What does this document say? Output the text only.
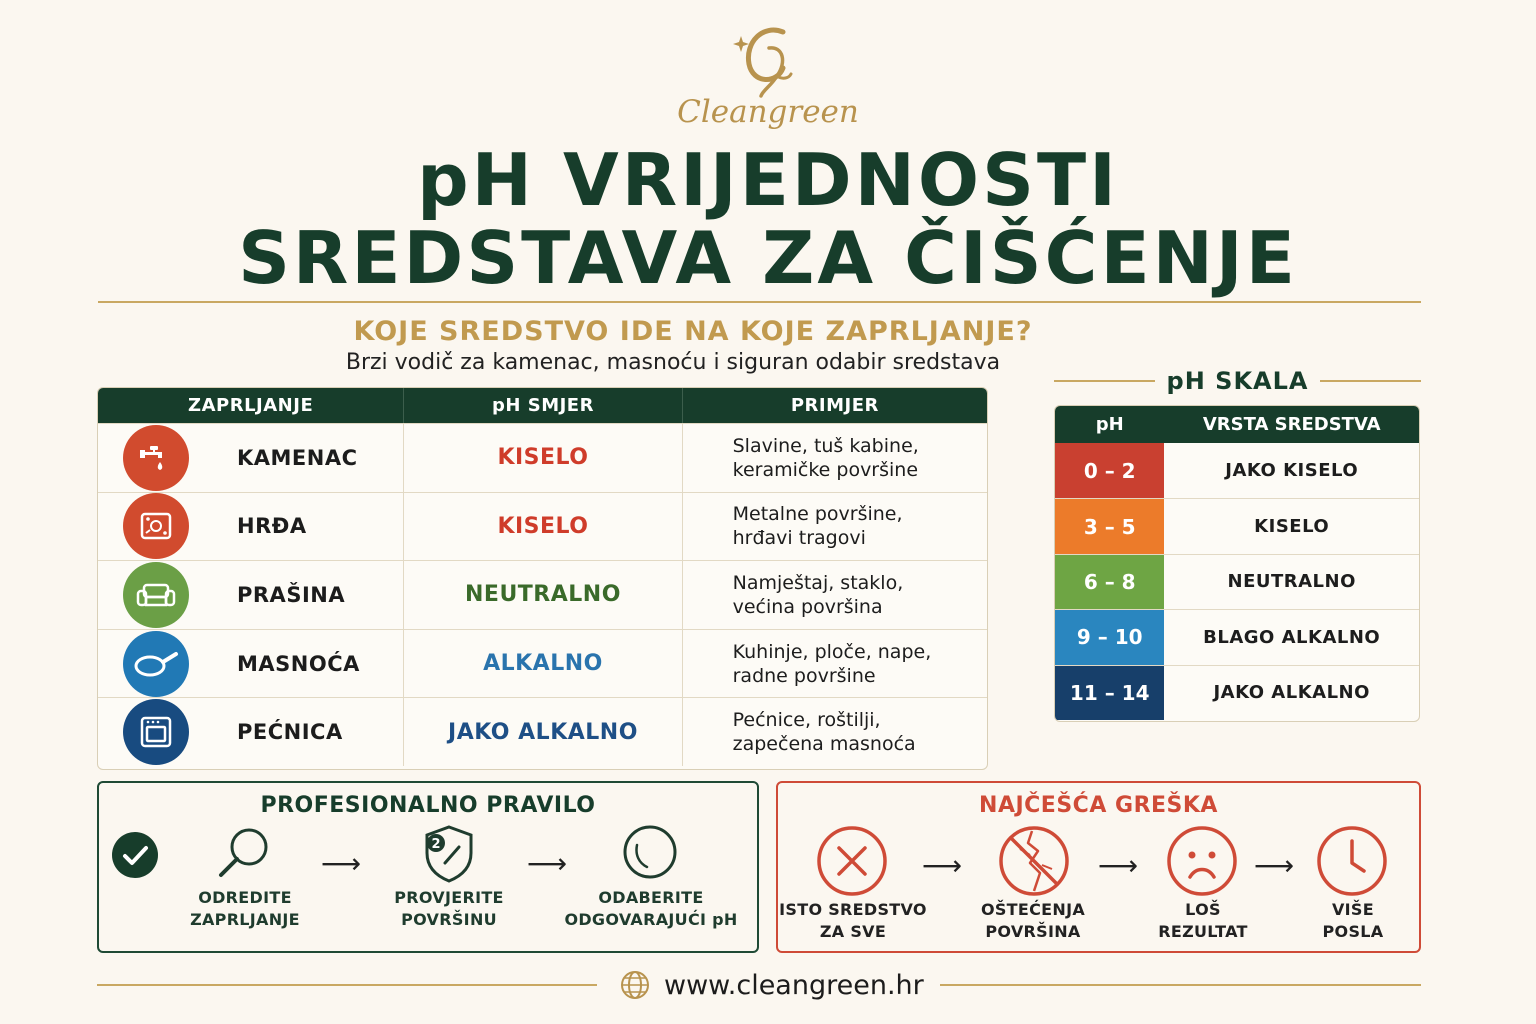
Cleangreen
pH VRIJEDNOSTI
SREDSTAVA ZA ČIŠĆENJE
KOJE SREDSTVO IDE NA KOJE ZAPRLJANJE?
Brzi vodič za kamenac, masnoću i siguran odabir sredstava
ZAPRLJANJE	pH SMJER	PRIMJER
KAMENAC	KISELO	Slavine, tuš kabine,
keramičke površine
HRĐA	KISELO	Metalne površine,
hrđavi tragovi
PRAŠINA	NEUTRALNO	Namještaj, staklo,
većina površina
MASNOĆA	ALKALNO	Kuhinje, ploče, nape,
radne površine
PEĆNICA	JAKO ALKALNO	Pećnice, roštilji,
zapečena masnoća
pH SKALA
pH	VRSTA SREDSTVA
0 – 2	JAKO KISELO
3 – 5	KISELO
6 – 8	NEUTRALNO
9 – 10	BLAGO ALKALNO
11 – 14	JAKO ALKALNO
PROFESIONALNO PRAVILO
ODREDITE
ZAPRLJANJE
⟶
2
PROVJERITE
POVRŠINU
⟶
ODABERITE
ODGOVARAJUĆI pH
NAJČEŠĆA GREŠKA
ISTO SREDSTVO
ZA SVE
⟶
OŠTEĆENJA
POVRŠINA
⟶
LOŠ
REZULTAT
⟶
VIŠE
POSLA
www.cleangreen.hr
